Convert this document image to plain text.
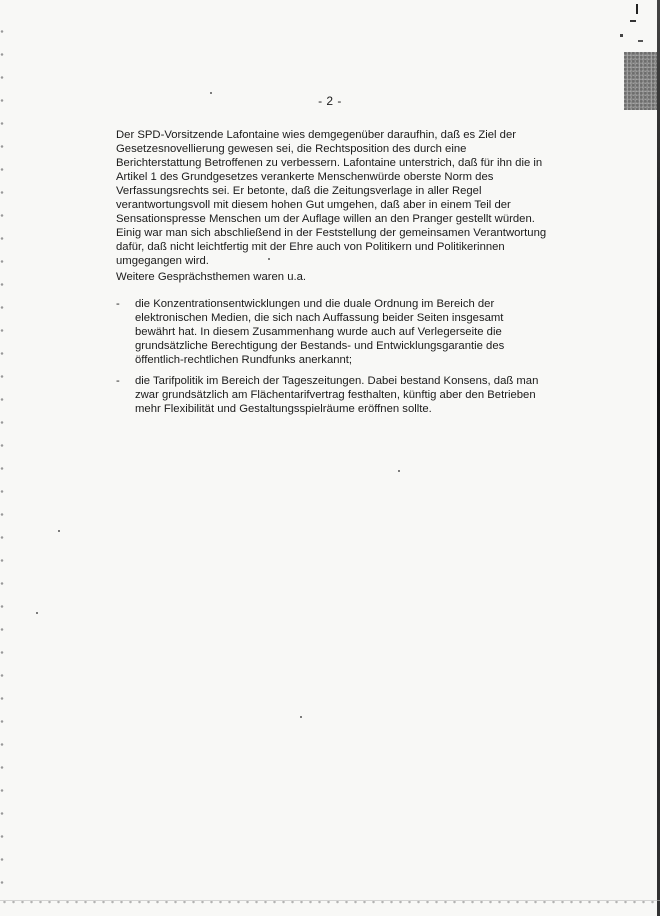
- 2 -

Der SPD-Vorsitzende Lafontaine wies demgegenüber daraufhin, daß es Ziel der
Gesetzesnovellierung gewesen sei, die Rechtsposition des durch eine
Berichterstattung Betroffenen zu verbessern. Lafontaine unterstrich, daß für ihn die in
Artikel 1 des Grundgesetzes verankerte Menschenwürde oberste Norm des
Verfassungsrechts sei. Er betonte, daß die Zeitungsverlage in aller Regel
verantwortungsvoll mit diesem hohen Gut umgehen, daß aber in einem Teil der
Sensationspresse Menschen um der Auflage willen an den Pranger gestellt würden.
Einig war man sich abschließend in der Feststellung der gemeinsamen Verantwortung
dafür, daß nicht leichtfertig mit der Ehre auch von Politikern und Politikerinnen
umgegangen wird.

Weitere Gesprächsthemen waren u.a.

- die Konzentrationsentwicklungen und die duale Ordnung im Bereich der
elektronischen Medien, die sich nach Auffassung beider Seiten insgesamt
bewährt hat. In diesem Zusammenhang wurde auch auf Verlegerseite die
grundsätzliche Berechtigung der Bestands- und Entwicklungsgarantie des
öffentlich-rechtlichen Rundfunks anerkannt;
- die Tarifpolitik im Bereich der Tageszeitungen. Dabei bestand Konsens, daß man
zwar grundsätzlich am Flächentarifvertrag festhalten, künftig aber den Betrieben
mehr Flexibilität und Gestaltungsspielräume eröffnen sollte.
